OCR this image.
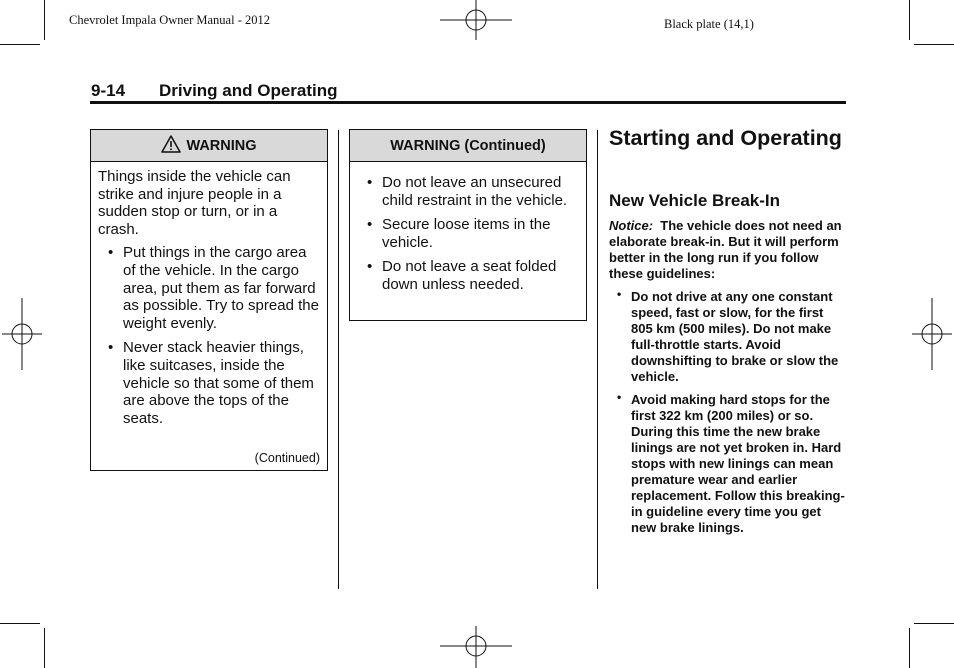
Chevrolet Impala Owner Manual - 2012	Black plate (14,1)
9-14 Driving and Operating
WARNING

Things inside the vehicle can strike and injure people in a sudden stop or turn, or in a crash.

• Put things in the cargo area of the vehicle. In the cargo area, put them as far forward as possible. Try to spread the weight evenly.
• Never stack heavier things, like suitcases, inside the vehicle so that some of them are above the tops of the seats.
(Continued)
WARNING (Continued)
• Do not leave an unsecured child restraint in the vehicle.
• Secure loose items in the vehicle.
• Do not leave a seat folded down unless needed.
Starting and Operating
New Vehicle Break-In
Notice: The vehicle does not need an elaborate break-in. But it will perform better in the long run if you follow these guidelines:
• Do not drive at any one constant speed, fast or slow, for the first 805 km (500 miles). Do not make full-throttle starts. Avoid downshifting to brake or slow the vehicle.
• Avoid making hard stops for the first 322 km (200 miles) or so. During this time the new brake linings are not yet broken in. Hard stops with new linings can mean premature wear and earlier replacement. Follow this breaking-in guideline every time you get new brake linings.
